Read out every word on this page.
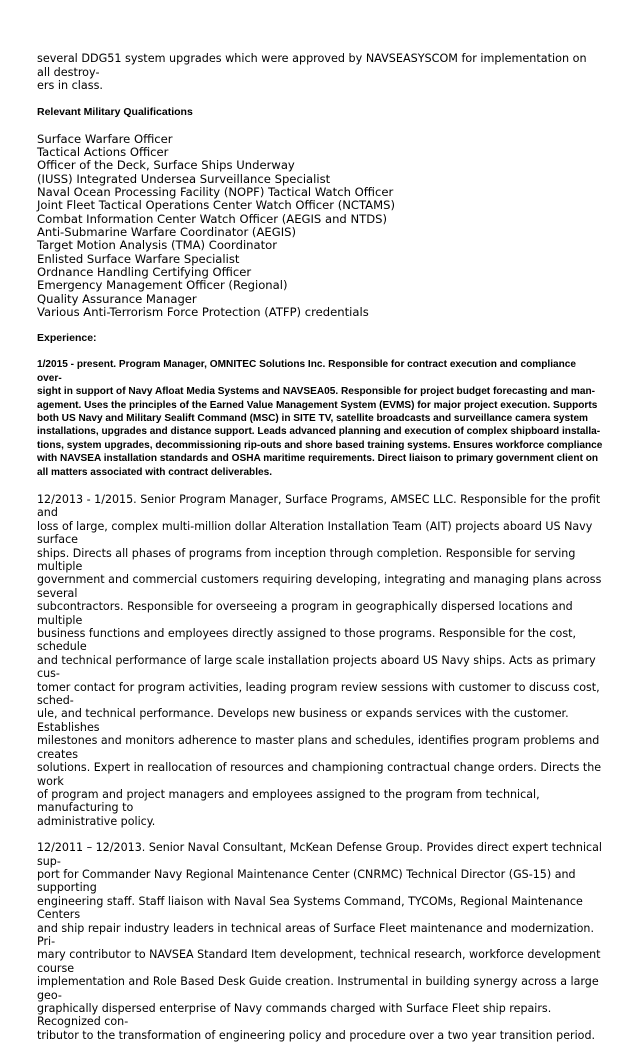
several DDG51 system upgrades which were approved by NAVSEASYSCOM for implementation on all destroy-
ers in class.

Relevant Military Qualifications
Surface Warfare Officer
Tactical Actions Officer
Officer of the Deck, Surface Ships Underway
(IUSS) Integrated Undersea Surveillance Specialist
Naval Ocean Processing Facility (NOPF) Tactical Watch Officer
Joint Fleet Tactical Operations Center Watch Officer (NCTAMS)
Combat Information Center Watch Officer (AEGIS and NTDS)
Anti-Submarine Warfare Coordinator (AEGIS)
Target Motion Analysis (TMA) Coordinator
Enlisted Surface Warfare Specialist
Ordnance Handling Certifying Officer
Emergency Management Officer (Regional)
Quality Assurance Manager
Various Anti-Terrorism Force Protection (ATFP) credentials
Experience:

1/2015 - present. Program Manager, OMNITEC Solutions Inc. Responsible for contract execution and compliance over-
sight in support of Navy Afloat Media Systems and NAVSEA05. Responsible for project budget forecasting and man-
agement. Uses the principles of the Earned Value Management System (EVMS) for major project execution. Supports
both US Navy and Military Sealift Command (MSC) in SITE TV, satellite broadcasts and surveillance camera system
installations, upgrades and distance support. Leads advanced planning and execution of complex shipboard installa-
tions, system upgrades, decommissioning rip-outs and shore based training systems. Ensures workforce compliance
with NAVSEA installation standards and OSHA maritime requirements. Direct liaison to primary government client on
all matters associated with contract deliverables.

12/2013 - 1/2015. Senior Program Manager, Surface Programs, AMSEC LLC. Responsible for the profit and
loss of large, complex multi-million dollar Alteration Installation Team (AIT) projects aboard US Navy surface
ships. Directs all phases of programs from inception through completion. Responsible for serving multiple
government and commercial customers requiring developing, integrating and managing plans across several
subcontractors. Responsible for overseeing a program in geographically dispersed locations and multiple
business functions and employees directly assigned to those programs. Responsible for the cost, schedule
and technical performance of large scale installation projects aboard US Navy ships. Acts as primary cus-
tomer contact for program activities, leading program review sessions with customer to discuss cost, sched-
ule, and technical performance. Develops new business or expands services with the customer. Establishes
milestones and monitors adherence to master plans and schedules, identifies program problems and creates
solutions. Expert in reallocation of resources and championing contractual change orders. Directs the work
of program and project managers and employees assigned to the program from technical, manufacturing to
administrative policy.

12/2011 – 12/2013. Senior Naval Consultant, McKean Defense Group. Provides direct expert technical sup-
port for Commander Navy Regional Maintenance Center (CNRMC) Technical Director (GS-15) and supporting
engineering staff. Staff liaison with Naval Sea Systems Command, TYCOMs, Regional Maintenance Centers
and ship repair industry leaders in technical areas of Surface Fleet maintenance and modernization. Pri-
mary contributor to NAVSEA Standard Item development, technical research, workforce development course
implementation and Role Based Desk Guide creation. Instrumental in building synergy across a large geo-
graphically dispersed enterprise of Navy commands charged with Surface Fleet ship repairs. Recognized con-
tributor to the transformation of engineering policy and procedure over a two year transition period.
